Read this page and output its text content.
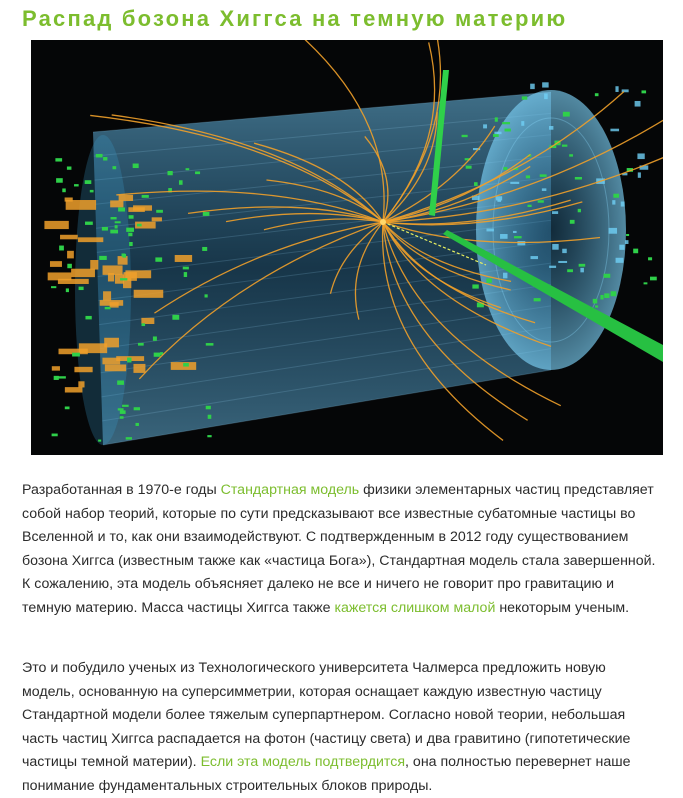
Распад бозона Хиггса на темную материю

Разработанная в 1970-е годы Стандартная модель физики элементарных частиц представляет собой набор теорий, которые по сути предсказывают все известные субатомные частицы во Вселенной и то, как они взаимодействуют. С подтвержденным в 2012 году существованием бозона Хиггса (известным также как «частица Бога»), Стандартная модель стала завершенной. К сожалению, эта модель объясняет далеко не все и ничего не говорит про гравитацию и темную материю. Масса частицы Хиггса также кажется слишком малой некоторым ученым.

Это и побудило ученых из Технологического университета Чалмерса предложить новую модель, основанную на суперсимметрии, которая оснащает каждую известную частицу Стандартной модели более тяжелым суперпартнером. Согласно новой теории, небольшая часть частиц Хиггса распадается на фотон (частицу света) и два гравитино (гипотетические частицы темной материи). Если эта модель подтвердится, она полностью перевернет наше понимание фундаментальных строительных блоков природы.
